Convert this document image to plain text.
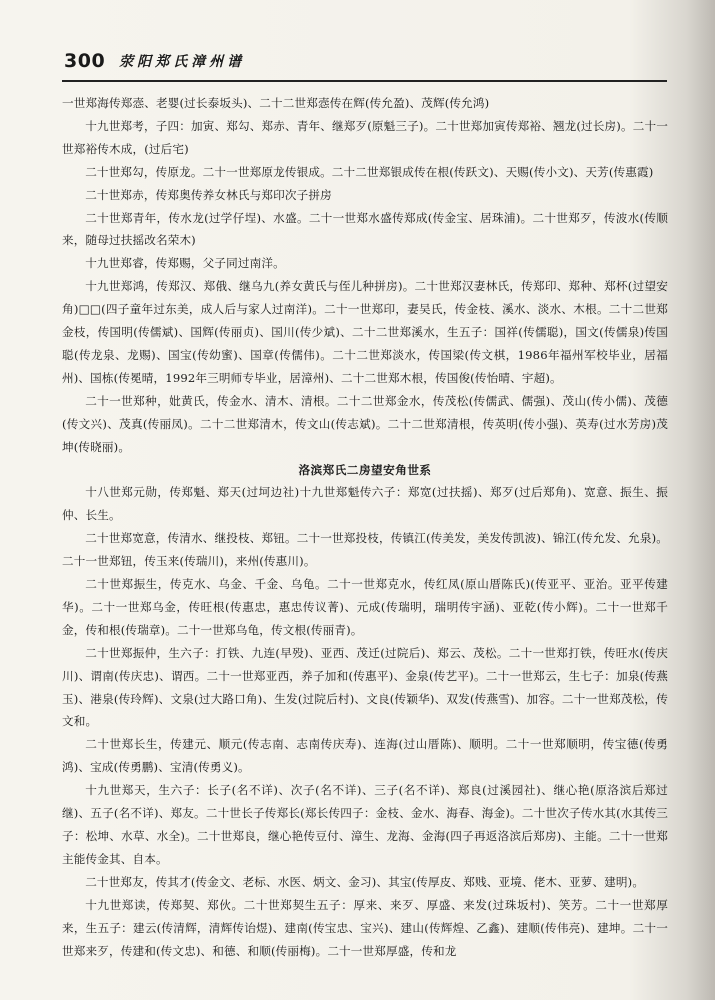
300 荥阳郑氏漳州谱

一世郑海传郑悫、老婴(过长泰坂头)、二十二世郑悫传在辉(传允盈)、茂辉(传允鸿)

十九世郑考，子四：加寅、郑勾、郑赤、青年、继郑歹(原魁三子)。二十世郑加寅传郑裕、翘龙(过长房)。二十一世郑裕传木成，(过后宅)

二十世郑勾，传原龙。二十一世郑原龙传银成。二十二世郑银成传在根(传跃文)、天赐(传小文)、天芳(传惠霞)

二十世郑赤，传郑奥传养女林氏与郑印次子拼房

二十世郑青年，传水龙(过学仔埕)、水盛。二十一世郑水盛传郑成(传金宝、居珠浦)。二十世郑歹，传波水(传顺来，随母过扶摇改名荣木)

十九世郑睿，传郑赐，父子同过南洋。

十九世郑鸿，传郑汉、郑俄、继乌九(养女黄氏与侄儿种拼房)。二十世郑汉妻林氏，传郑印、郑种、郑杯(过望安角)□□(四子童年过东美，成人后与家人过南洋)。二十一世郑印，妻吴氏，传金枝、溪水、淡水、木根。二十二世郑金枝，传国明(传儒斌)、国辉(传丽贞)、国川(传少斌)、二十二世郑溪水，生五子：国祥(传儒聪)，国文(传儒泉)传国聪(传龙泉、龙赐)、国宝(传幼蜜)、国章(传儒伟)。二十二世郑淡水，传国梁(传文棋，1986年福州军校毕业，居福州)、国栋(传冕晴，1992年三明师专毕业，居漳州)、二十二世郑木根，传国俊(传怡晴、宇超)。

二十一世郑种，妣黄氏，传金水、清木、清根。二十二世郑金水，传茂松(传儒武、儒强)、茂山(传小儒)、茂德(传文兴)、茂真(传丽凤)。二十二世郑清木，传文山(传志斌)。二十二世郑清根，传英明(传小强)、英寿(过水芳房)茂坤(传晓丽)。

洛滨郑氏二房望安角世系

十八世郑元勋，传郑魁、郑天(过坷边社)十九世郑魁传六子：郑宽(过扶摇)、郑歹(过后郑角)、宽意、振生、振仲、长生。

二十世郑宽意，传清水、继投枝、郑钮。二十一世郑投枝，传镇江(传美发，美发传凯波)、锦江(传允发、允泉)。二十一世郑钮，传玉来(传瑞川)，来州(传惠川)。

二十世郑振生，传克水、乌金、千金、乌龟。二十一世郑克水，传红凤(原山厝陈氏)(传亚平、亚治。亚平传建华)。二十一世郑乌金，传旺根(传惠忠，惠忠传议菁)、元成(传瑞明，瑞明传宇涵)、亚乾(传小辉)。二十一世郑千金，传和根(传瑞章)。二十一世郑乌龟，传文根(传丽青)。

二十世郑振仲，生六子：打铁、九连(早殁)、亚西、茂迁(过院后)、郑云、茂松。二十一世郑打铁，传旺水(传庆川)、谓南(传庆忠)、谓西。二十一世郑亚西，养子加和(传惠平)、金泉(传艺平)。二十一世郑云，生七子：加泉(传燕玉)、港泉(传玲辉)、文泉(过大路口角)、生发(过院后村)、文良(传颖华)、双发(传燕雪)、加容。二十一世郑茂松，传文和。

二十世郑长生，传建元、顺元(传志南、志南传庆寿)、连海(过山厝陈)、顺明。二十一世郑顺明，传宝德(传勇鸿)、宝成(传勇鹏)、宝清(传勇义)。

十九世郑天，生六子：长子(名不详)、次子(名不详)、三子(名不详)、郑良(过溪园社)、继心艳(原洛滨后郑过继)、五子(名不详)、郑友。二十世长子传郑长(郑长传四子：金枝、金水、海春、海金)。二十世次子传水其(水其传三子：松坤、水草、水全)。二十世郑良，继心艳传豆付、漳生、龙海、金海(四子再返洛滨后郑房)、主能。二十一世郑主能传金其、自本。

二十世郑友，传其才(传金文、老标、水医、炳文、金习)、其宝(传厚皮、郑贱、亚境、佬木、亚萝、建明)。

十九世郑读，传郑契、郑伙。二十世郑契生五子：厚来、来歹、厚盛、来发(过珠坂村)、笑芳。二十一世郑厚来，生五子：建云(传清辉，清辉传诒煜)、建南(传宝忠、宝兴)、建山(传辉煌、乙鑫)、建顺(传伟亮)、建坤。二十一世郑来歹，传建和(传文忠)、和德、和顺(传丽梅)。二十一世郑厚盛，传和龙
